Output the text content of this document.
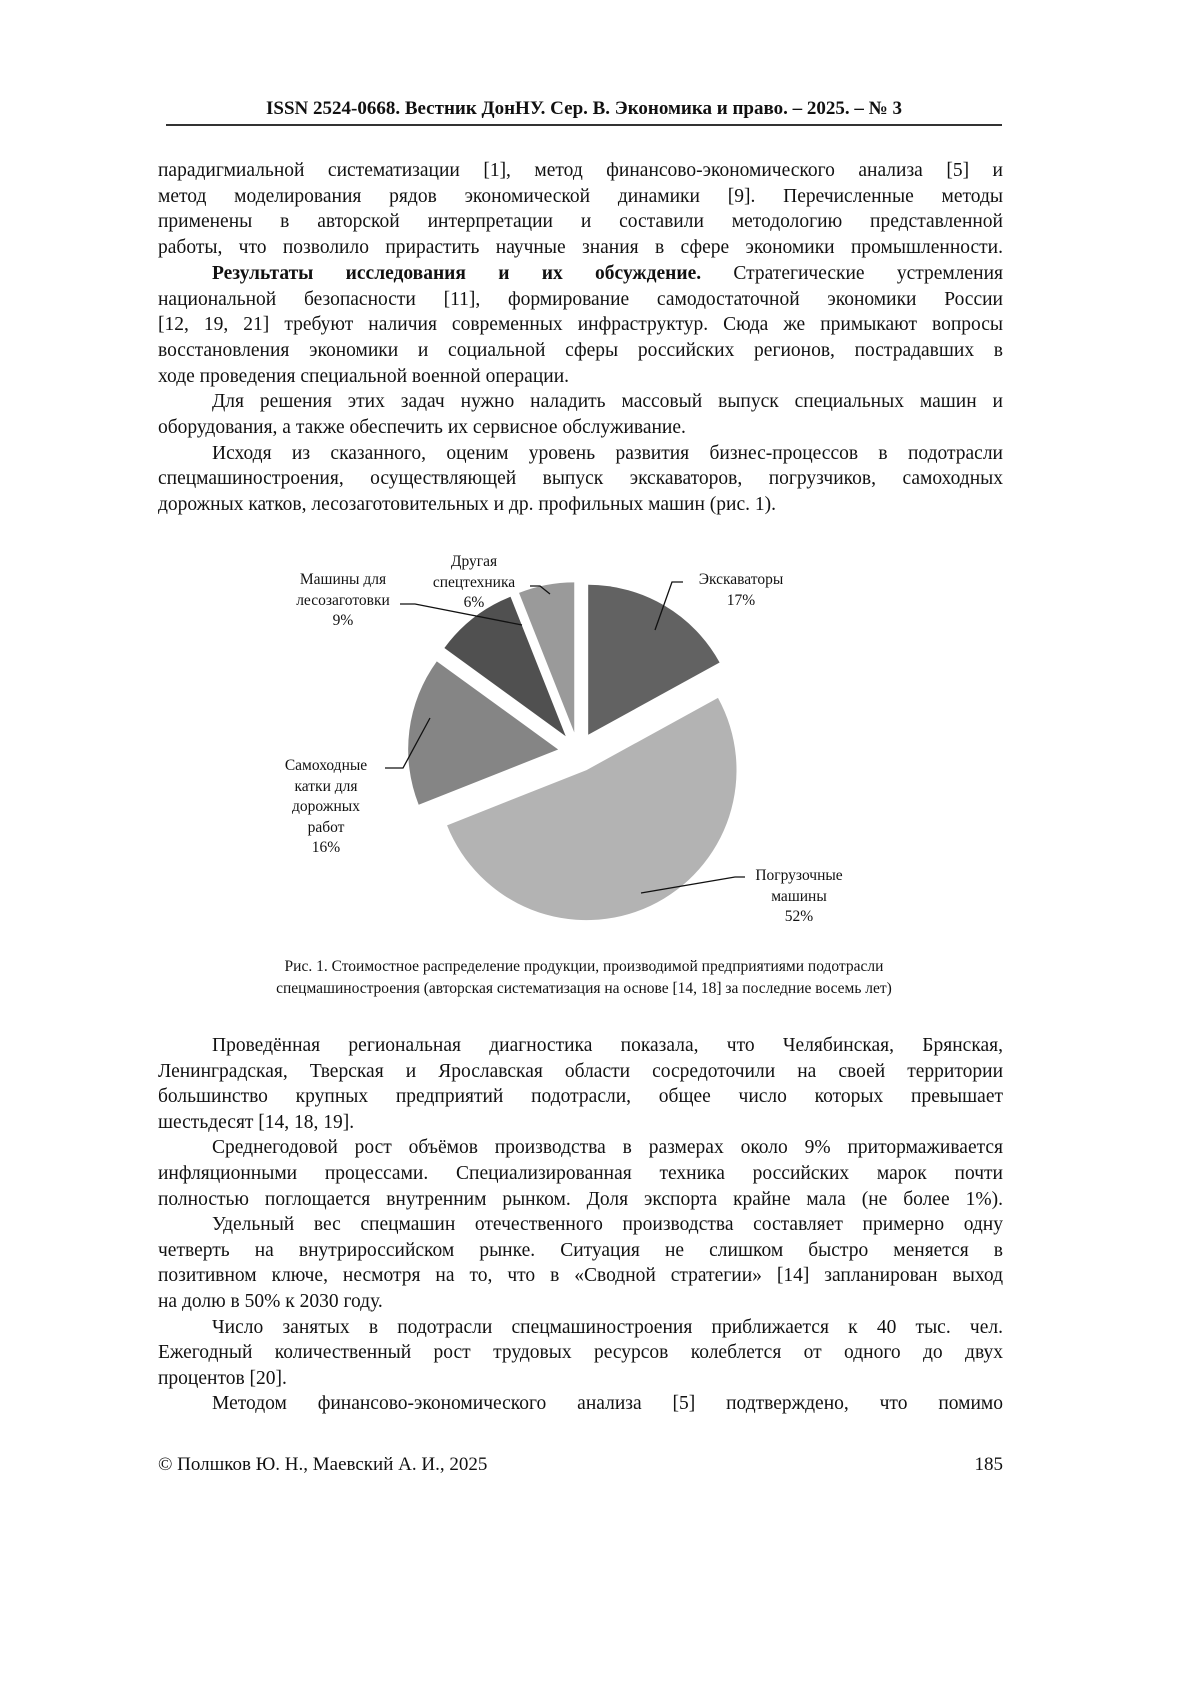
ISSN 2524-0668. Вестник ДонНУ. Сер. В. Экономика и право. – 2025. – № 3
парадигмиальной систематизации [1], метод финансово-экономического анализа [5] и
метод моделирования рядов экономической динамики [9]. Перечисленные методы
применены в авторской интерпретации и составили методологию представленной
работы, что позволило прирастить научные знания в сфере экономики промышленности.
Результаты исследования и их обсуждение. Стратегические устремления
национальной безопасности [11], формирование самодостаточной экономики России
[12, 19, 21] требуют наличия современных инфраструктур. Сюда же примыкают вопросы
восстановления экономики и социальной сферы российских регионов, пострадавших в
ходе проведения специальной военной операции.
Для решения этих задач нужно наладить массовый выпуск специальных машин и
оборудования, а также обеспечить их сервисное обслуживание.
Исходя из сказанного, оценим уровень развития бизнес-процессов в подотрасли
спецмашиностроения, осуществляющей выпуск экскаваторов, погрузчиков, самоходных
дорожных катков, лесозаготовительных и др. профильных машин (рис. 1).
Экскаваторы
17%
Погрузочные
машины
52%
Самоходные
катки для
дорожных
работ
16%
Машины для
лесозаготовки
9%
Другая
спецтехника
6%
Рис. 1. Стоимостное распределение продукции, производимой предприятиями подотрасли
спецмашиностроения (авторская систематизация на основе [14, 18] за последние восемь лет)
Проведённая региональная диагностика показала, что Челябинская, Брянская,
Ленинградская, Тверская и Ярославская области сосредоточили на своей территории
большинство крупных предприятий подотрасли, общее число которых превышает
шестьдесят [14, 18, 19].
Среднегодовой рост объёмов производства в размерах около 9% притормаживается
инфляционными процессами. Специализированная техника российских марок почти
полностью поглощается внутренним рынком. Доля экспорта крайне мала (не более 1%).
Удельный вес спецмашин отечественного производства составляет примерно одну
четверть на внутрироссийском рынке. Ситуация не слишком быстро меняется в
позитивном ключе, несмотря на то, что в «Сводной стратегии» [14] запланирован выход
на долю в 50% к 2030 году.
Число занятых в подотрасли спецмашиностроения приближается к 40 тыс. чел.
Ежегодный количественный рост трудовых ресурсов колеблется от одного до двух
процентов [20].
Методом финансово-экономического анализа [5] подтверждено, что помимо
© Полшков Ю. Н., Маевский А. И., 2025	185
